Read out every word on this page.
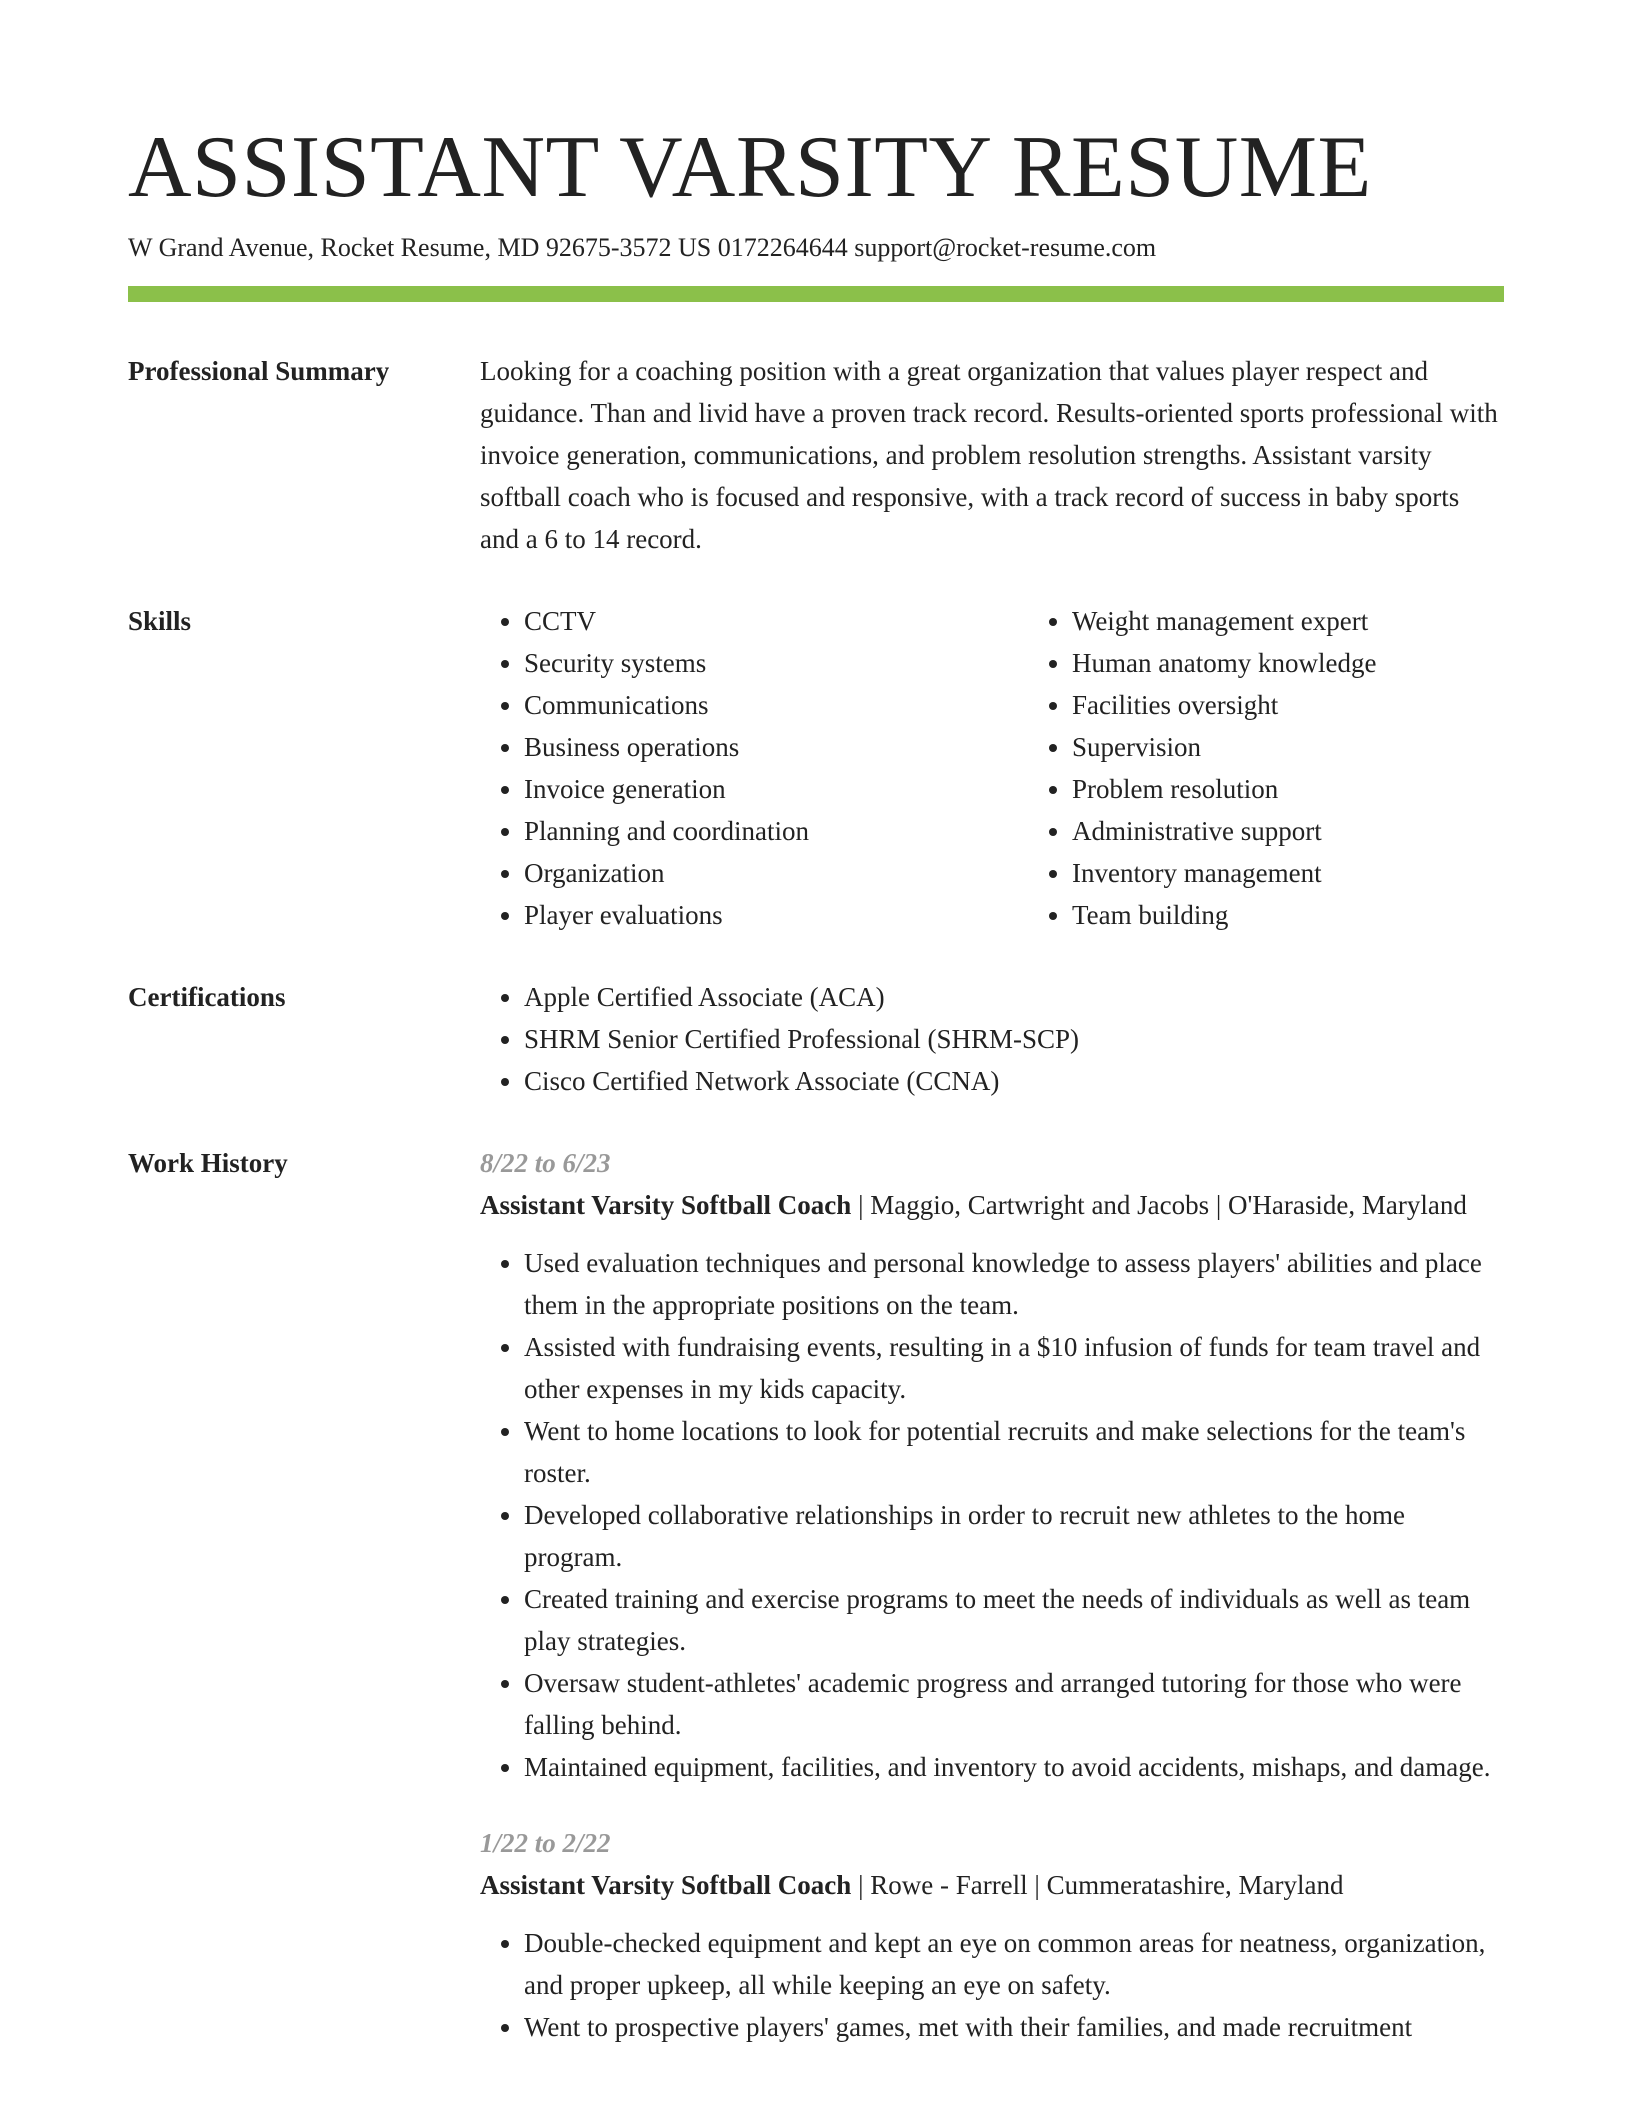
ASSISTANT VARSITY RESUME
W Grand Avenue, Rocket Resume, MD 92675-3572 US 0172264644 support@rocket-resume.com
Professional Summary	Looking for a coaching position with a great organization that values player respect and guidance. Than and livid have a proven track record. Results-oriented sports professional with invoice generation, communications, and problem resolution strengths. Assistant varsity softball coach who is focused and responsive, with a track record of success in baby sports and a 6 to 14 record.
Skills	• CCTV
• Security systems
• Communications
• Business operations
• Invoice generation
• Planning and coordination
• Organization
• Player evaluations
• Weight management expert
• Human anatomy knowledge
• Facilities oversight
• Supervision
• Problem resolution
• Administrative support
• Inventory management
• Team building
Certifications	• Apple Certified Associate (ACA)
• SHRM Senior Certified Professional (SHRM-SCP)
• Cisco Certified Network Associate (CCNA)
Work History	8/22 to 6/23
Assistant Varsity Softball Coach | Maggio, Cartwright and Jacobs | O'Haraside, Maryland
• Used evaluation techniques and personal knowledge to assess players' abilities and place them in the appropriate positions on the team.
• Assisted with fundraising events, resulting in a $10 infusion of funds for team travel and other expenses in my kids capacity.
• Went to home locations to look for potential recruits and make selections for the team's roster.
• Developed collaborative relationships in order to recruit new athletes to the home program.
• Created training and exercise programs to meet the needs of individuals as well as team play strategies.
• Oversaw student-athletes' academic progress and arranged tutoring for those who were falling behind.
• Maintained equipment, facilities, and inventory to avoid accidents, mishaps, and damage.
1/22 to 2/22
Assistant Varsity Softball Coach | Rowe - Farrell | Cummeratashire, Maryland
• Double-checked equipment and kept an eye on common areas for neatness, organization, and proper upkeep, all while keeping an eye on safety.
• Went to prospective players' games, met with their families, and made recruitment
